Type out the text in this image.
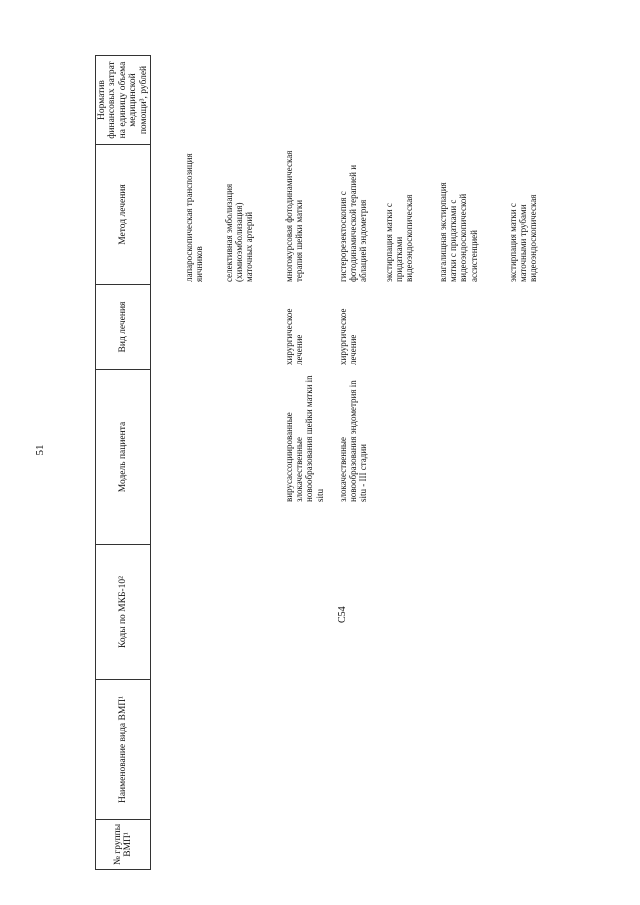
51
№ группы ВМП¹
Наименование вида ВМП¹
Коды по МКБ-10²
Модель пациента
Вид лечения
Метод лечения
Норматив финансовых затрат на единицу объема медицинской помощи³, рублей
лапароскопическая транспозиция яичников селективная эмболизация (химиоэмболизация) маточных артерий
вирусассоциированные злокачественные новообразования шейки матки in situ
хирургическое лечение
многокурсовая фотодинамическая терапия шейки матки
C54
злокачественные новообразования эндометрия in situ - III стадии
хирургическое лечение
гистерорезектоскопия с фотодинамической терапией и аблацией эндометрия экстирпация матки с придатками видеоэндоскопическая	влагалищная экстирпация матки с придатками с видеоэндоскопической ассистенцией	экстирпация матки с маточными трубами видеоэндоскопическая
